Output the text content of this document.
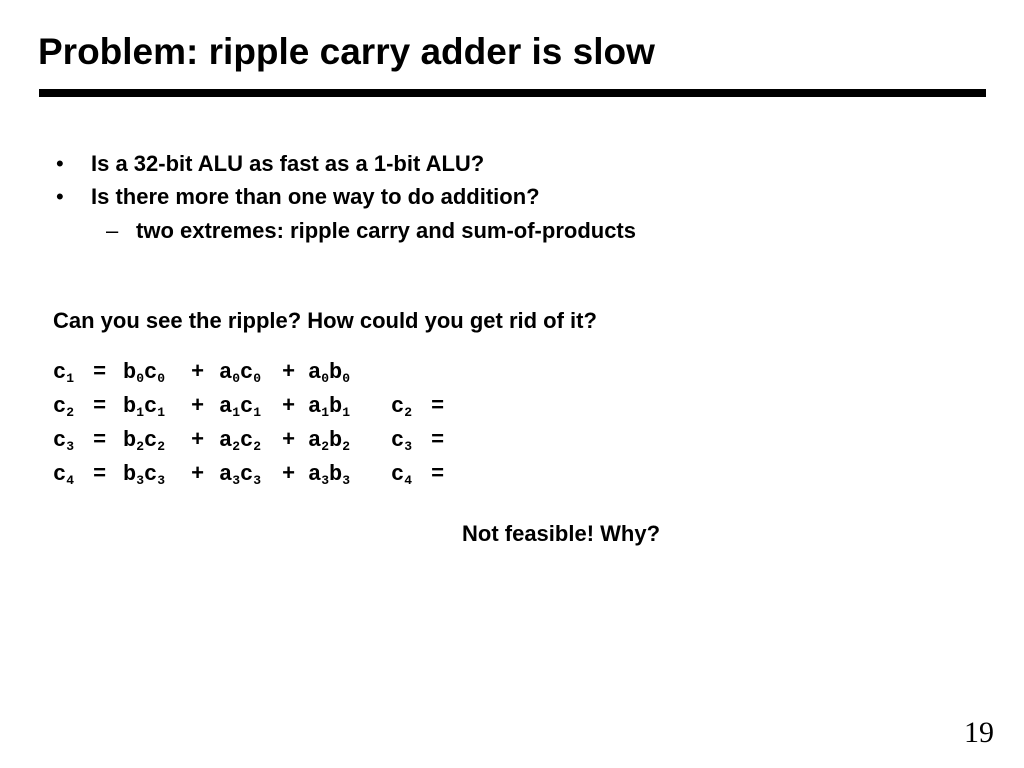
Problem: ripple carry adder is slow
• Is a 32-bit ALU as fast as a 1-bit ALU?
• Is there more than one way to do addition?
– two extremes: ripple carry and sum-of-products
Can you see the ripple? How could you get rid of it?
$c_1 = b_0c_0 + a_0c_0 + a_0b_0$
$c_2 = b_1c_1 + a_1c_1 + a_1b_1$ $c_2$ =
$c_3 = b_2c_2 + a_2c_2 + a_2b_2$ $c_3$ =
$c_4 = b_3c_3 + a_3c_3 + a_3b_3$ $c_4$ =
Not feasible! Why?
19
